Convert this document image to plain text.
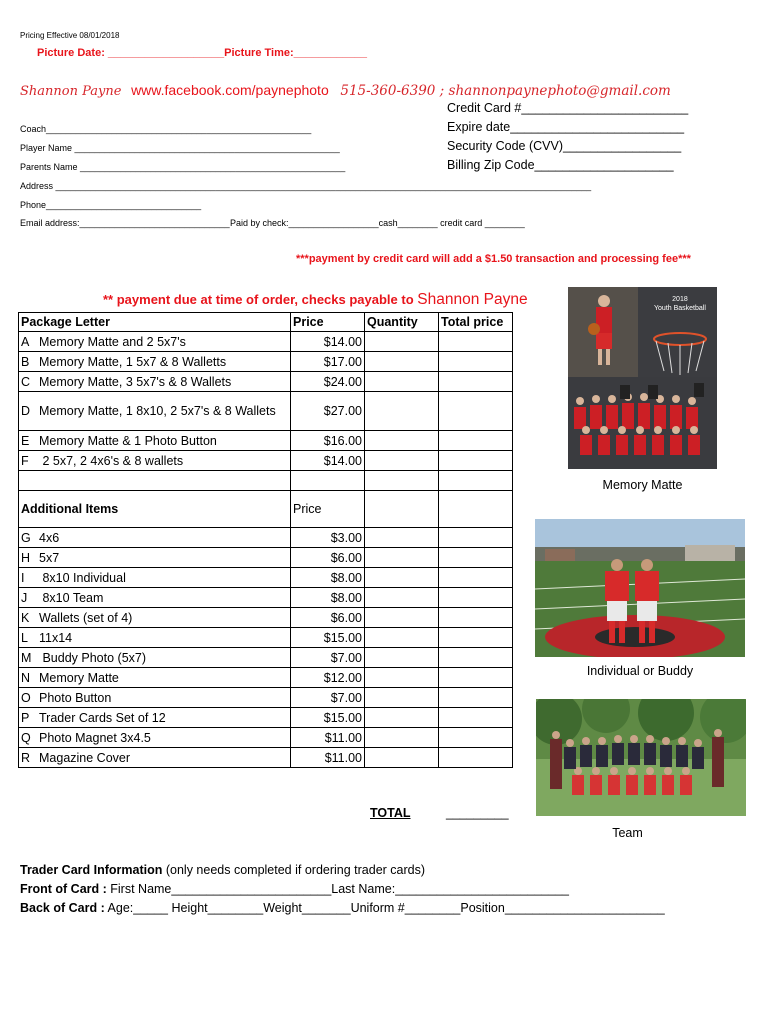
Pricing Effective 08/01/2018
Picture Date: ___________________Picture Time:____________
Shannon Payne www.facebook.com/paynephoto 515-360-6390 ; shannonpaynephoto@gmail.com
Credit Card #________________________
Expire date_________________________
Security Code (CVV)_________________
Billing Zip Code____________________
Coach_____________________________________________________
Player Name _____________________________________________________
Parents Name _____________________________________________________
Address ___________________________________________________________________________________________________________
Phone_______________________________
Email address:______________________________ Paid by check:__________________cash________ credit card ________
***payment by credit card will add a $1.50 transaction and processing fee***
** payment due at time of order, checks payable to Shannon Payne
Package Letter	Price	Quantity	Total price
A Memory Matte and 2 5x7's	$14.00		
B Memory Matte, 1 5x7 & 8 Walletts	$17.00		
C Memory Matte, 3 5x7's & 8 Wallets	$24.00		
D Memory Matte, 1 8x10, 2 5x7's & 8 Wallets	$27.00		
E Memory Matte & 1 Photo Button	$16.00		
F 2 5x7, 2 4x6's & 8 wallets	$14.00		

Additional Items	Price		
G 4x6	$3.00		
H 5x7	$6.00		
I 8x10 Individual	$8.00		
J 8x10 Team	$8.00		
K Wallets (set of 4)	$6.00		
L 11x14	$15.00		
M Buddy Photo (5x7)	$7.00		
N Memory Matte	$12.00		
O Photo Button	$7.00		
P Trader Cards Set of 12	$15.00		
Q Photo Magnet 3x4.5	$11.00		
R Magazine Cover	$11.00		
TOTAL	_________
2018
Youth Basketball
Memory Matte
Individual or Buddy
Team
Trader Card Information (only needs completed if ordering trader cards)
Front of Card : First Name_______________________Last Name:_________________________
Back of Card : Age:_____ Height________Weight_______Uniform #________Position_______________________
